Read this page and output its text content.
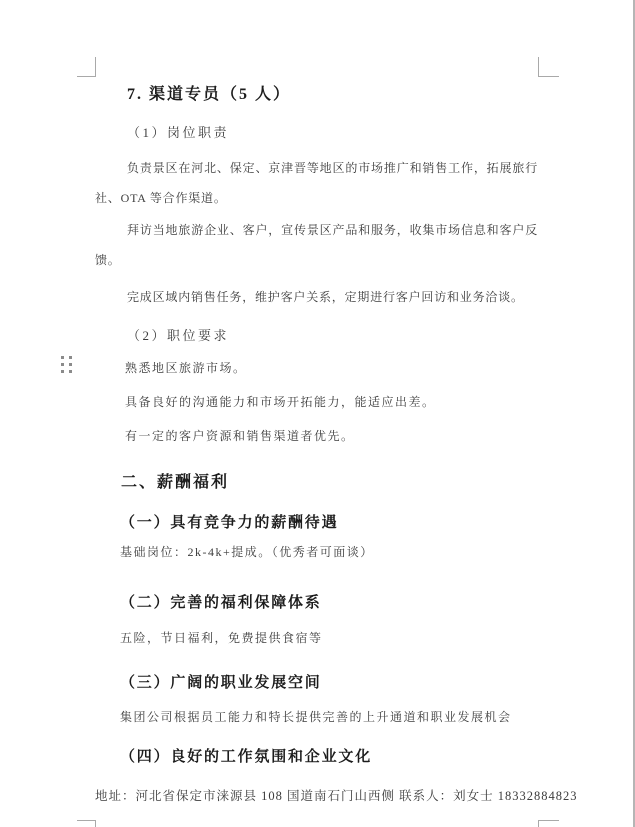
7. 渠道专员（5 人）
（1）岗位职责
负责景区在河北、保定、京津晋等地区的市场推广和销售工作，拓展旅行社、OTA 等合作渠道。
拜访当地旅游企业、客户，宣传景区产品和服务，收集市场信息和客户反馈。
完成区域内销售任务，维护客户关系，定期进行客户回访和业务洽谈。
（2）职位要求
熟悉地区旅游市场。
具备良好的沟通能力和市场开拓能力，能适应出差。
有一定的客户资源和销售渠道者优先。
二、薪酬福利
（一）具有竞争力的薪酬待遇
基础岗位：2k-4k+提成。（优秀者可面谈）
（二）完善的福利保障体系
五险，节日福利，免费提供食宿等
（三）广阔的职业发展空间
集团公司根据员工能力和特长提供完善的上升通道和职业发展机会
（四）良好的工作氛围和企业文化
地址：河北省保定市涞源县 108 国道南石门山西侧 联系人：刘女士 18332884823
